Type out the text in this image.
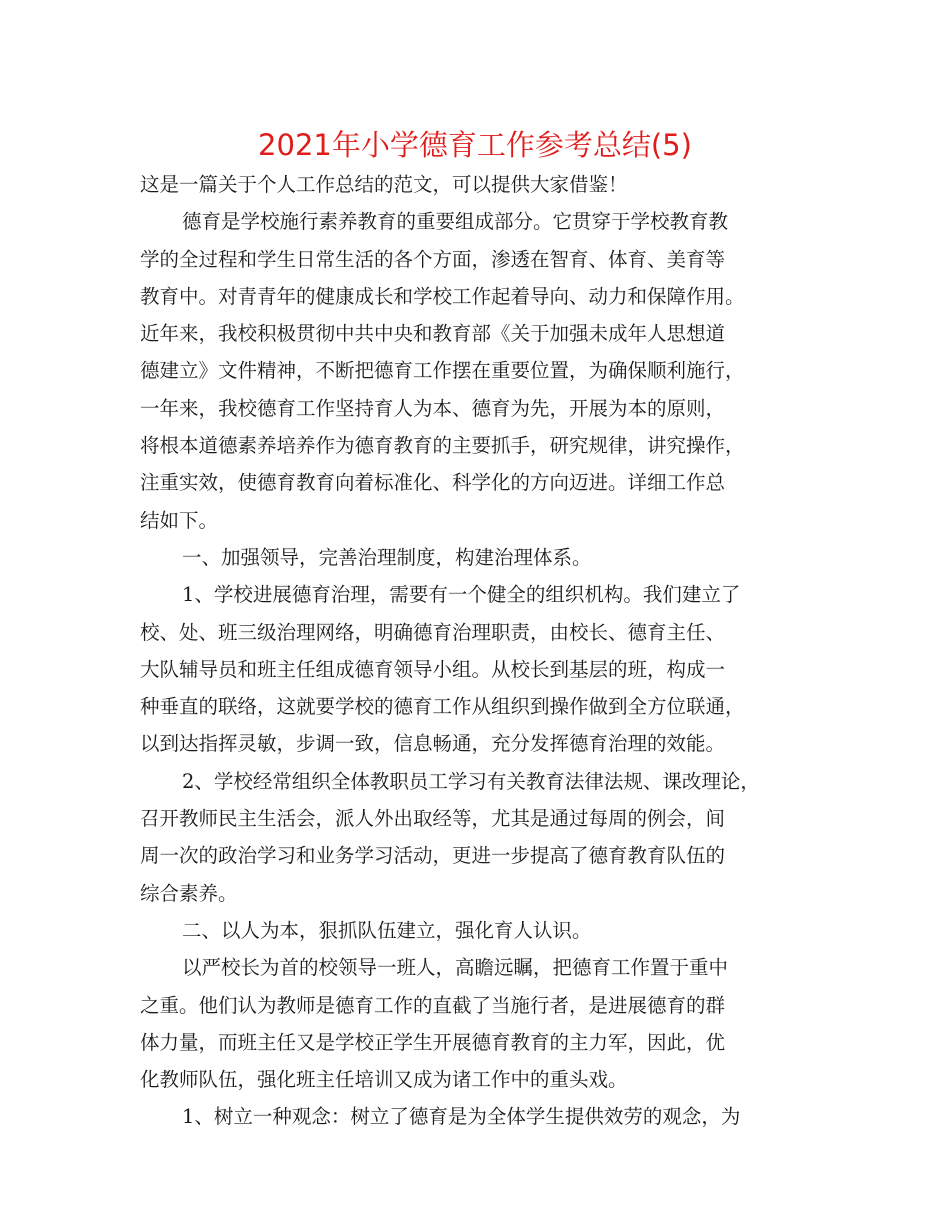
2021年小学德育工作参考总结(5)
这是一篇关于个人工作总结的范文，可以提供大家借鉴！
德育是学校施行素养教育的重要组成部分。它贯穿于学校教育教
学的全过程和学生日常生活的各个方面，渗透在智育、体育、美育等
教育中。对青青年的健康成长和学校工作起着导向、动力和保障作用。
近年来，我校积极贯彻中共中央和教育部《关于加强未成年人思想道
德建立》文件精神，不断把德育工作摆在重要位置，为确保顺利施行，
一年来，我校德育工作坚持育人为本、德育为先，开展为本的原则，
将根本道德素养培养作为德育教育的主要抓手，研究规律，讲究操作，
注重实效，使德育教育向着标准化、科学化的方向迈进。详细工作总
结如下。
一、加强领导，完善治理制度，构建治理体系。
1、学校进展德育治理，需要有一个健全的组织机构。我们建立了
校、处、班三级治理网络，明确德育治理职责，由校长、德育主任、
大队辅导员和班主任组成德育领导小组。从校长到基层的班，构成一
种垂直的联络，这就要学校的德育工作从组织到操作做到全方位联通，
以到达指挥灵敏，步调一致，信息畅通，充分发挥德育治理的效能。
2、学校经常组织全体教职员工学习有关教育法律法规、课改理论，
召开教师民主生活会，派人外出取经等，尤其是通过每周的例会，间
周一次的政治学习和业务学习活动，更进一步提高了德育教育队伍的
综合素养。
二、以人为本，狠抓队伍建立，强化育人认识。
以严校长为首的校领导一班人，高瞻远瞩，把德育工作置于重中
之重。他们认为教师是德育工作的直截了当施行者，是进展德育的群
体力量，而班主任又是学校正学生开展德育教育的主力军，因此，优
化教师队伍，强化班主任培训又成为诸工作中的重头戏。
1、树立一种观念：树立了德育是为全体学生提供效劳的观念，为
